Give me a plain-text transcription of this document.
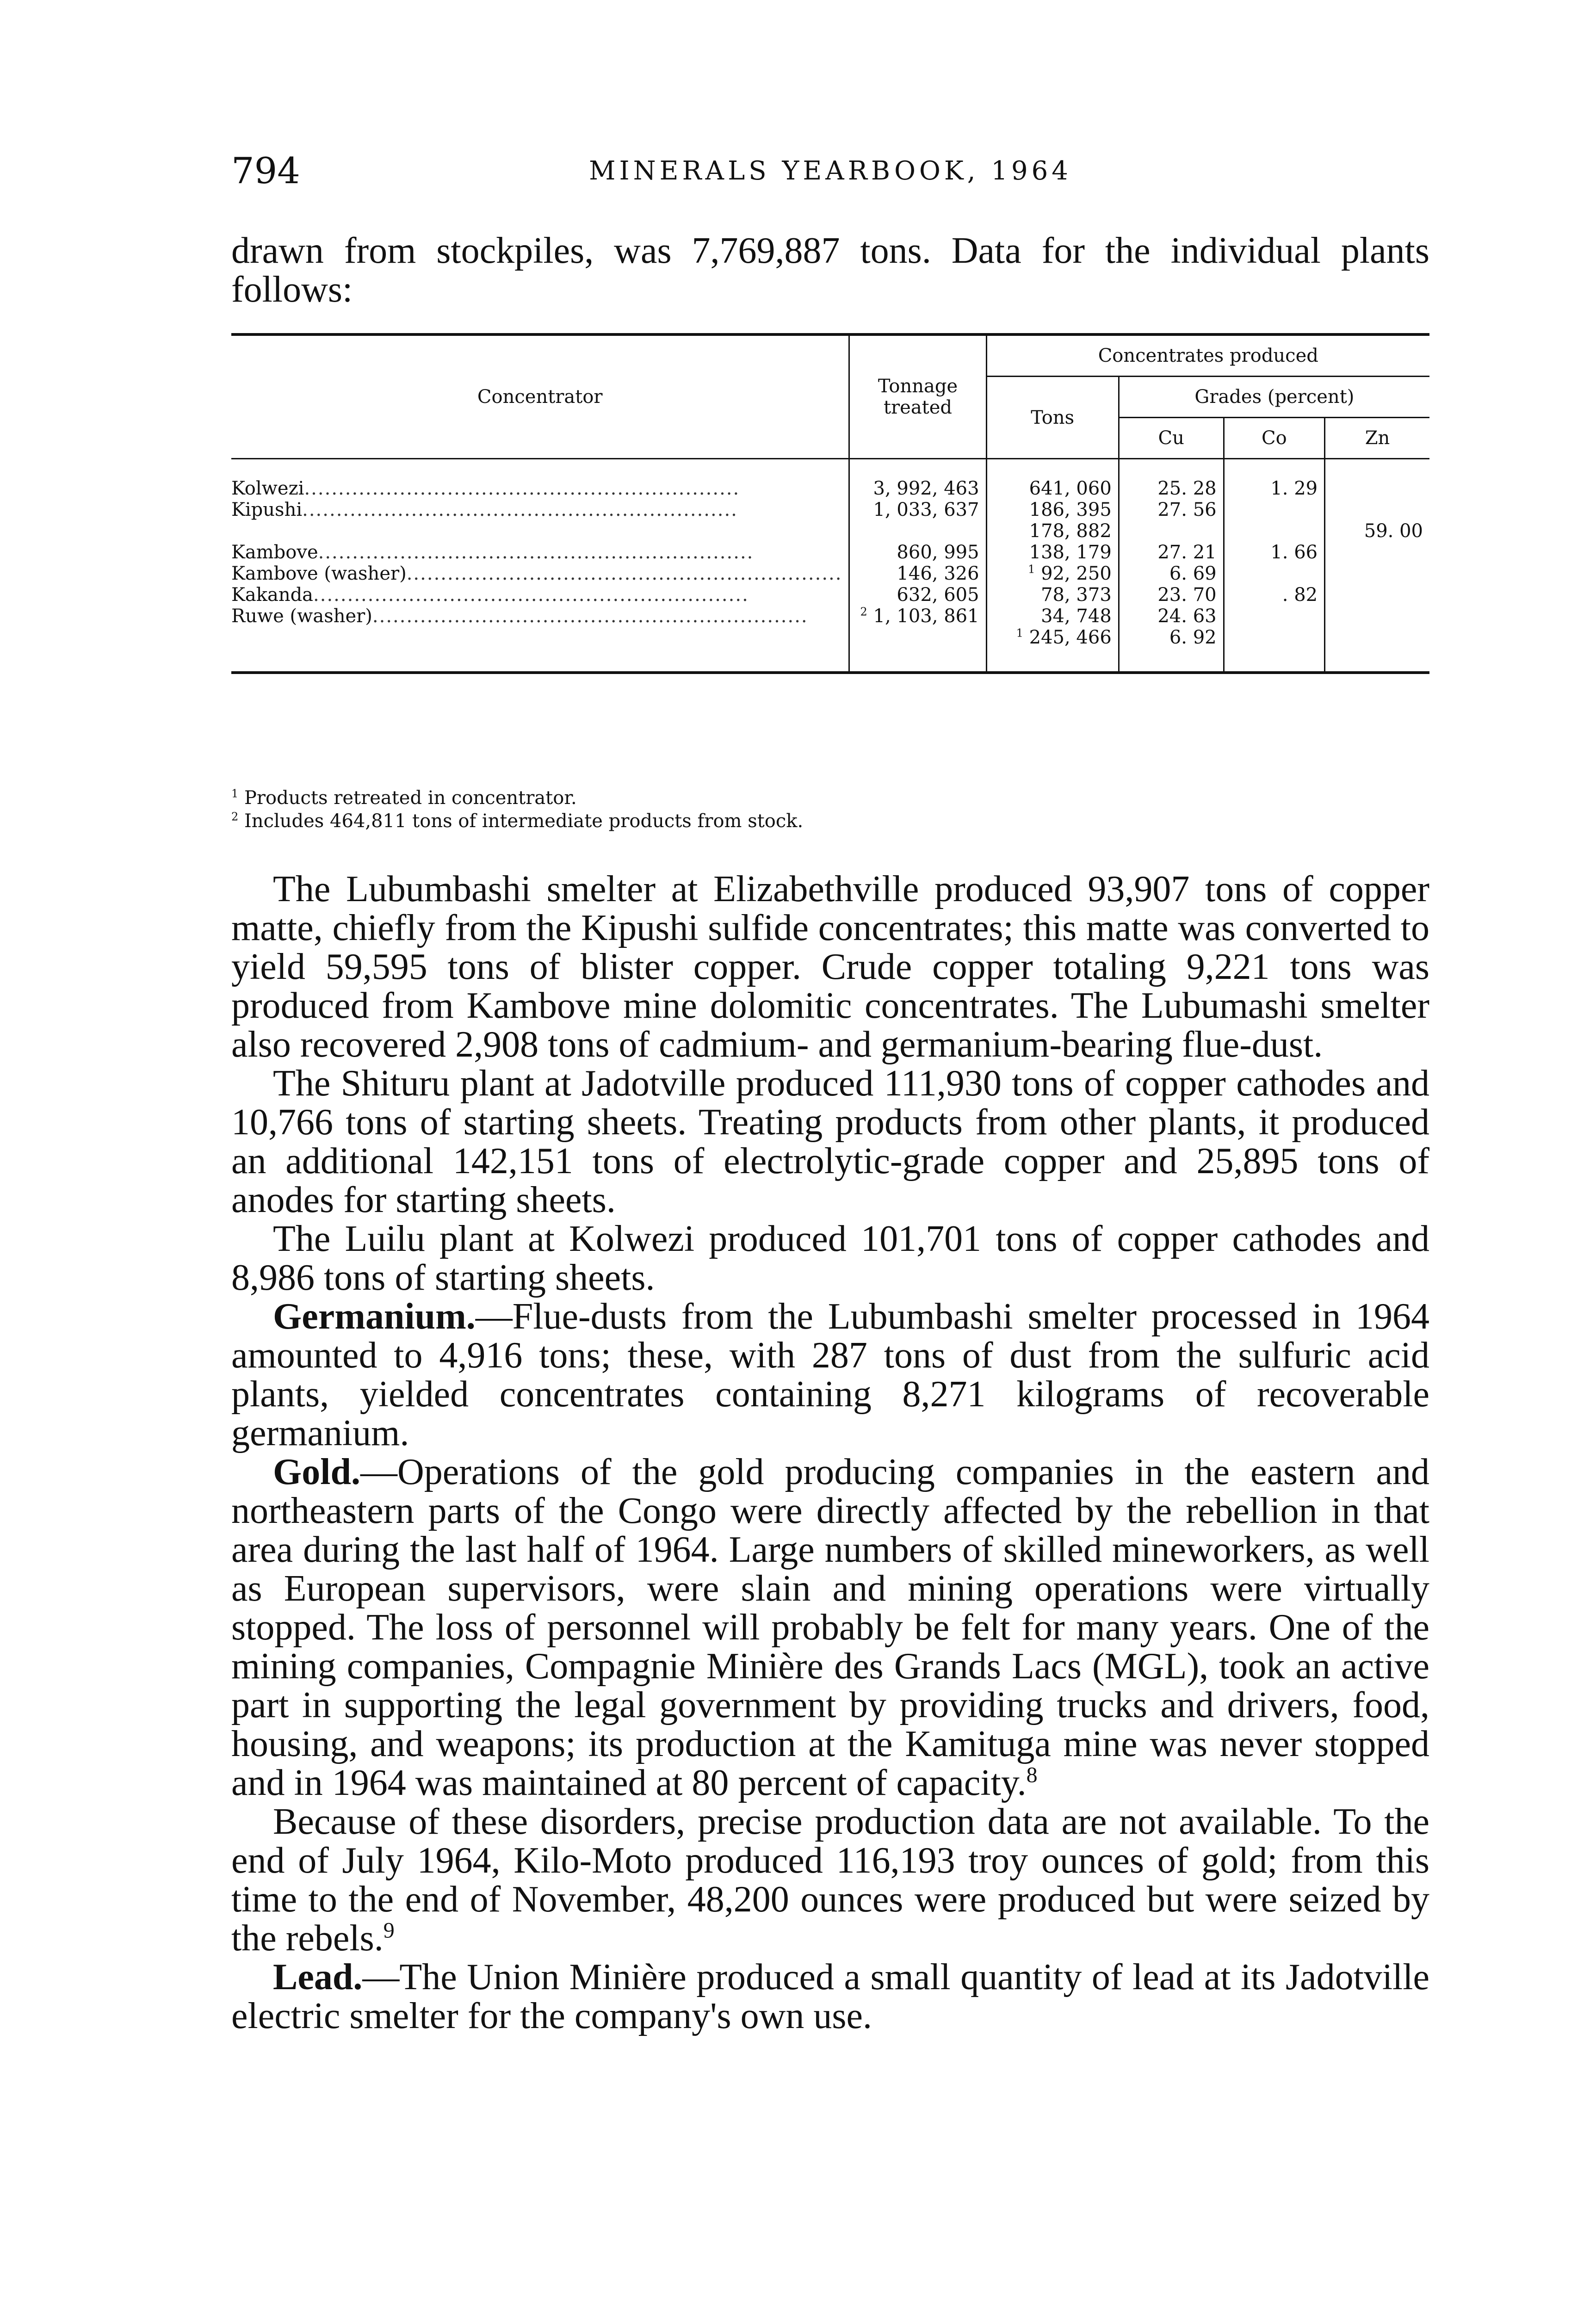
794	MINERALS YEARBOOK, 1964

drawn from stockpiles, was 7,769,887 tons. Data for the individual plants follows:

Concentrator	Tonnage treated	Concentrates produced			
		Tons	Grades (percent)		
			Cu	Co	Zn
Kolwezi................................................................	3, 992, 463	641, 060	25. 28	1. 29	
Kipushi................................................................	1, 033, 637	186, 395	27. 56		
		178, 882			59. 00
Kambove................................................................	860, 995	138, 179	27. 21	1. 66	
Kambove (washer)................................................................	146, 326	$^1$ 92, 250	6. 69		
Kakanda................................................................	632, 605	78, 373	23. 70	. 82	
Ruwe (washer)................................................................	$^2$ 1, 103, 861	34, 748	24. 63		
		$^1$ 245, 466	6. 92		

$^1$ Products retreated in concentrator.

$^2$ Includes 464,811 tons of intermediate products from stock.

The Lubumbashi smelter at Elizabethville produced 93,907 tons of copper matte, chiefly from the Kipushi sulfide concentrates; this matte was converted to yield 59,595 tons of blister copper. Crude copper totaling 9,221 tons was produced from Kambove mine dolomitic concentrates. The Lubumashi smelter also recovered 2,908 tons of cadmium- and germanium-bearing flue-dust.

The Shituru plant at Jadotville produced 111,930 tons of copper cathodes and 10,766 tons of starting sheets. Treating products from other plants, it produced an additional 142,151 tons of electrolytic-grade copper and 25,895 tons of anodes for starting sheets.

The Luilu plant at Kolwezi produced 101,701 tons of copper cathodes and 8,986 tons of starting sheets.

Germanium.—Flue-dusts from the Lubumbashi smelter processed in 1964 amounted to 4,916 tons; these, with 287 tons of dust from the sulfuric acid plants, yielded concentrates containing 8,271 kilograms of recoverable germanium.

Gold.—Operations of the gold producing companies in the eastern and northeastern parts of the Congo were directly affected by the rebellion in that area during the last half of 1964. Large numbers of skilled mineworkers, as well as European supervisors, were slain and mining operations were virtually stopped. The loss of personnel will probably be felt for many years. One of the mining companies, Compagnie Minière des Grands Lacs (MGL), took an active part in supporting the legal government by providing trucks and drivers, food, housing, and weapons; its production at the Kamituga mine was never stopped and in 1964 was maintained at 80 percent of capacity.$^8$

Because of these disorders, precise production data are not available. To the end of July 1964, Kilo-Moto produced 116,193 troy ounces of gold; from this time to the end of November, 48,200 ounces were produced but were seized by the rebels.$^9$

Lead.—The Union Minière produced a small quantity of lead at its Jadotville electric smelter for the company's own use.
